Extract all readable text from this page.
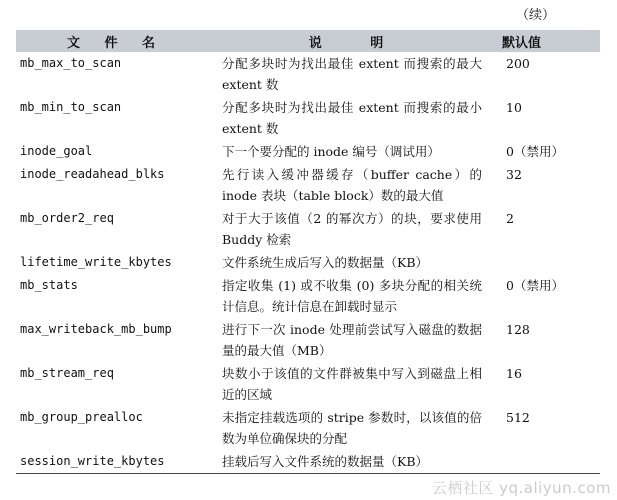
（续）
文 件 名	说 明	默认值
mb_max_to_scan	分配多块时为找出最佳 extent 而搜索的最大 extent 数	200
mb_min_to_scan	分配多块时为找出最佳 extent 而搜索的最小 extent 数	10
inode_goal	下一个要分配的 inode 编号（调试用）	0（禁用）
inode_readahead_blks	先行读入缓冲器缓存（buffer cache）的 inode 表块（table block）数的最大值	32
mb_order2_req	对于大于该值（2 的幂次方）的块，要求使用 Buddy 检索	2
lifetime_write_kbytes	文件系统生成后写入的数据量（KB）	
mb_stats	指定收集 (1) 或不收集 (0) 多块分配的相关统计信息。统计信息在卸载时显示	0（禁用）
max_writeback_mb_bump	进行下一次 inode 处理前尝试写入磁盘的数据量的最大值（MB）	128
mb_stream_req	块数小于该值的文件群被集中写入到磁盘上相近的区域	16
mb_group_prealloc	未指定挂载选项的 stripe 参数时，以该值的倍数为单位确保块的分配	512
session_write_kbytes	挂载后写入文件系统的数据量（KB）	
云栖社区 yq.aliyun.com
